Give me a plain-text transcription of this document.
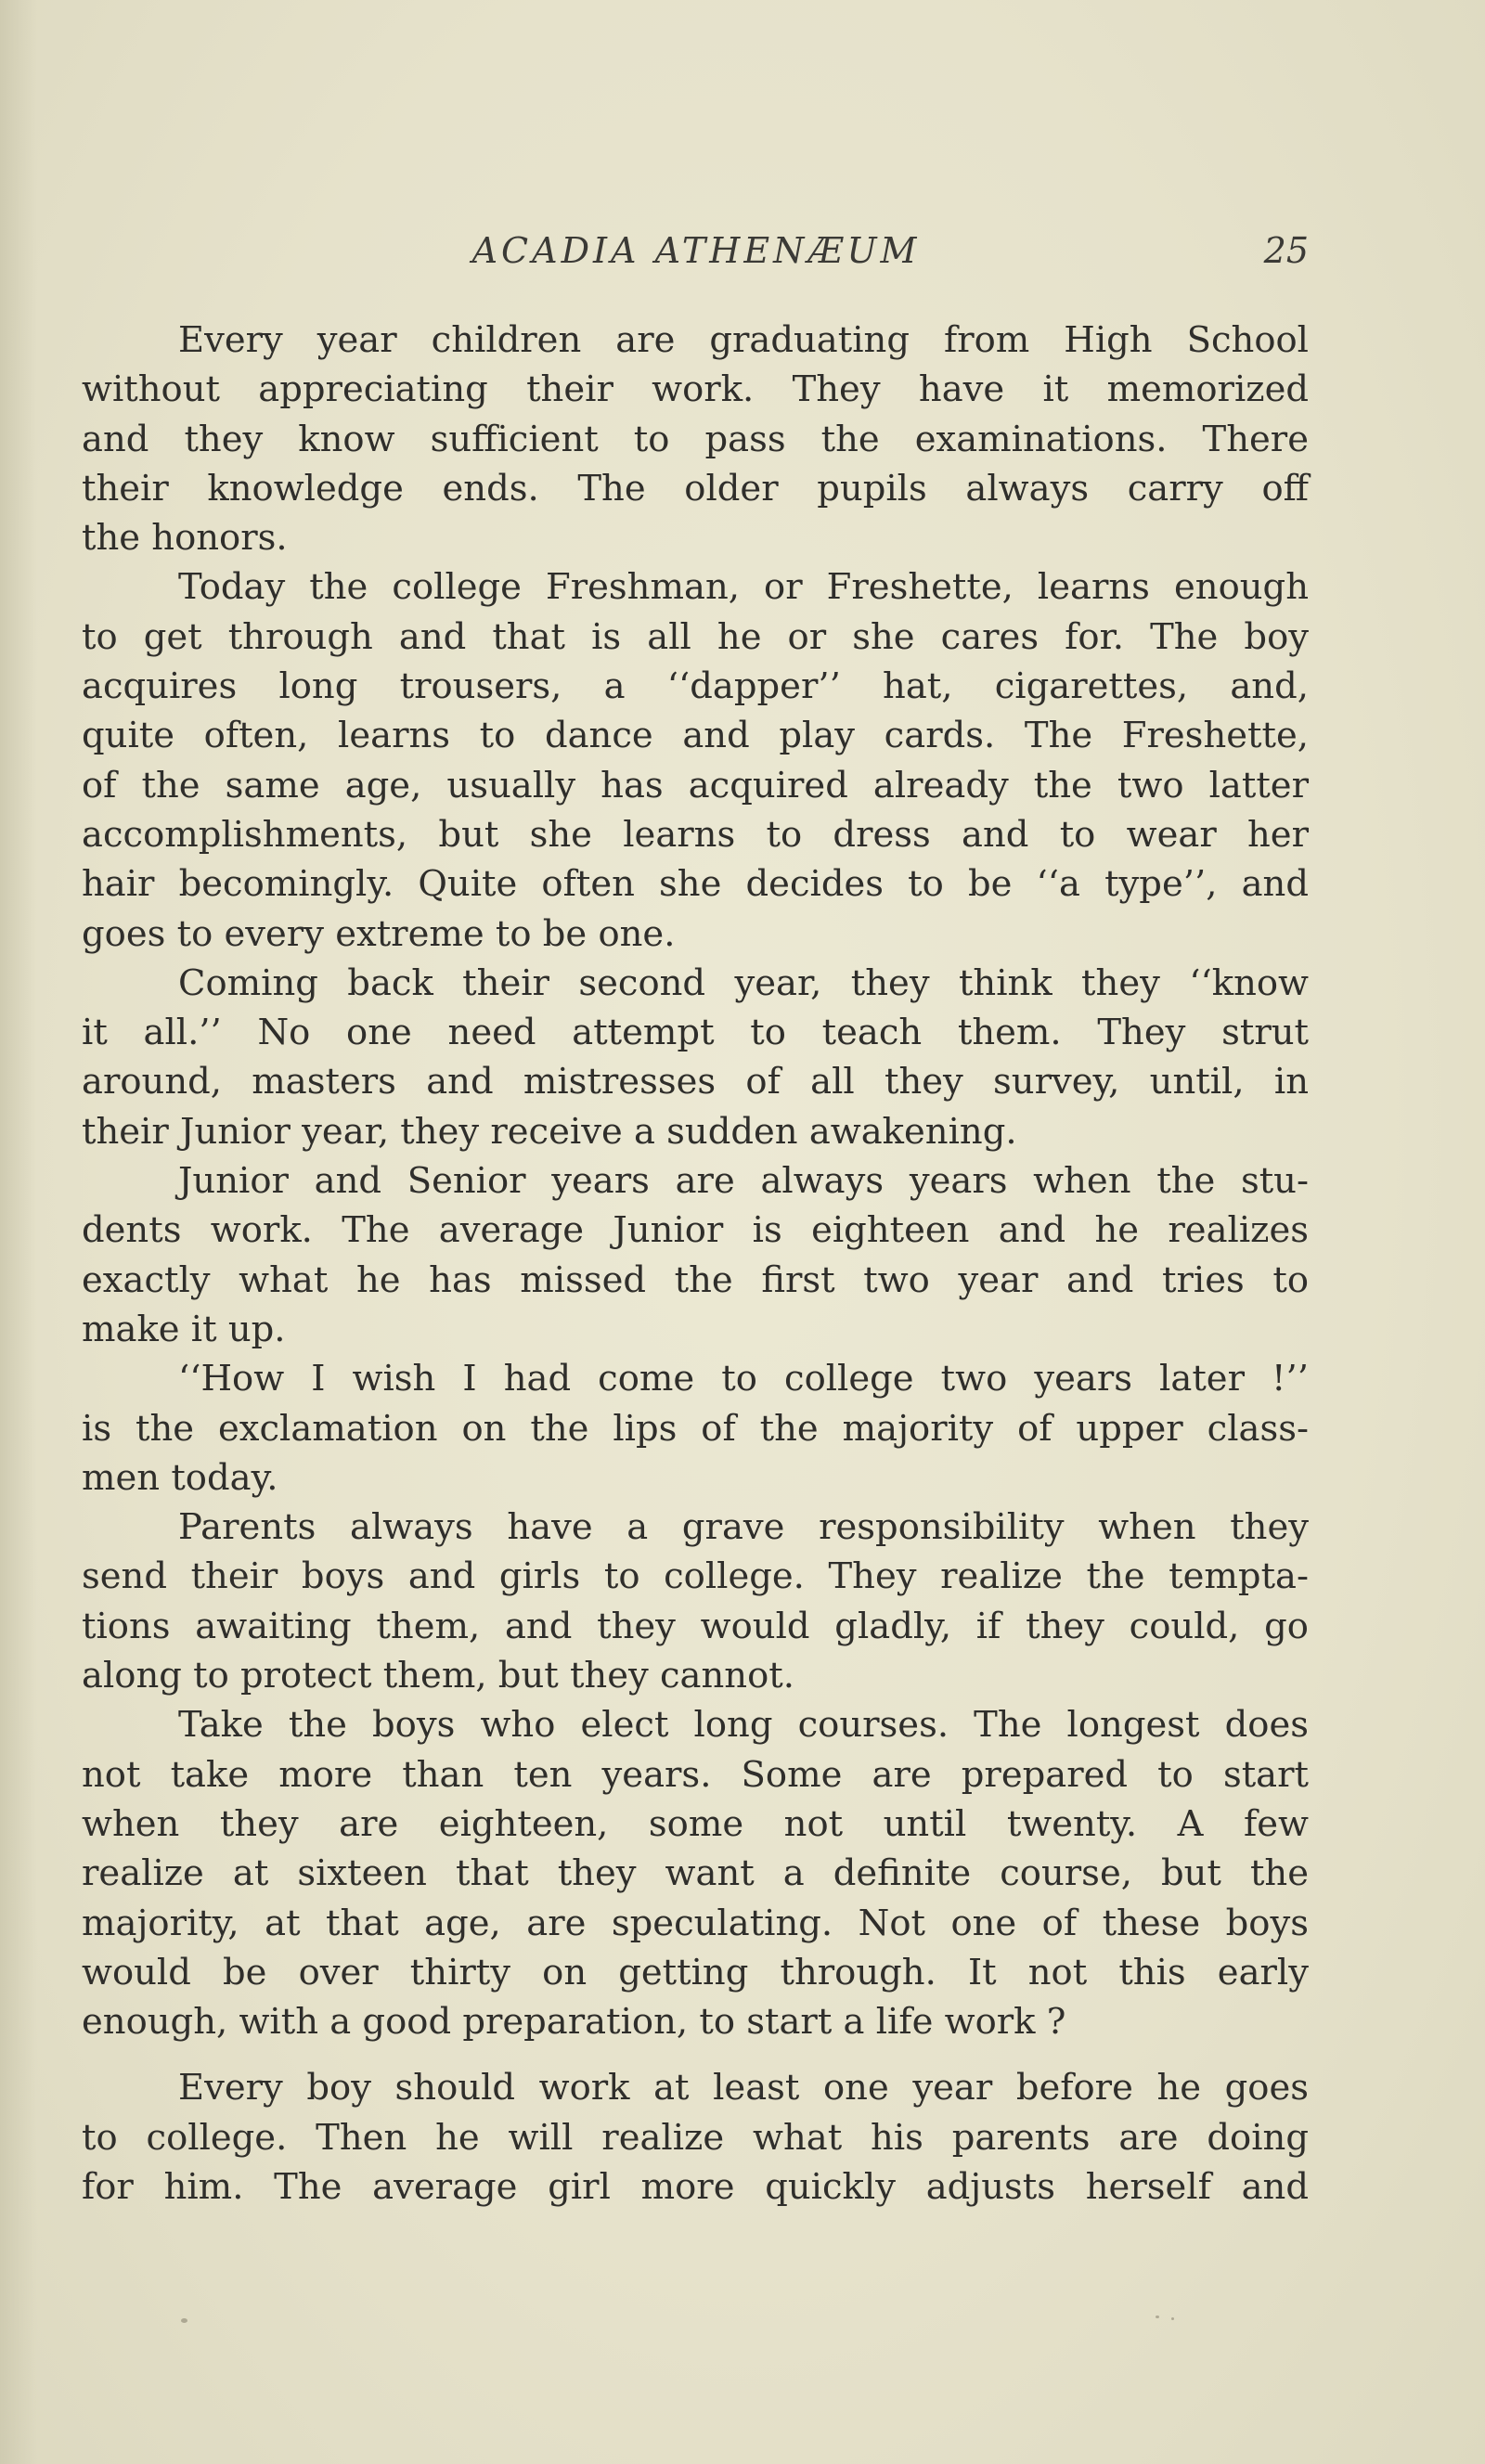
ACADIA ATHENÆUM	25
Every year children are graduating from High School
without appreciating their work. They have it memorized
and they know sufficient to pass the examinations. There
their knowledge ends. The older pupils always carry off
the honors.
Today the college Freshman, or Freshette, learns enough
to get through and that is all he or she cares for. The boy
acquires long trousers, a ‘‘dapper’’ hat, cigarettes, and,
quite often, learns to dance and play cards. The Freshette,
of the same age, usually has acquired already the two latter
accomplishments, but she learns to dress and to wear her
hair becomingly. Quite often she decides to be ‘‘a type’’, and
goes to every extreme to be one.
Coming back their second year, they think they ‘‘know
it all.’’ No one need attempt to teach them. They strut
around, masters and mistresses of all they survey, until, in
their Junior year, they receive a sudden awakening.
Junior and Senior years are always years when the stu-
dents work. The average Junior is eighteen and he realizes
exactly what he has missed the first two year and tries to
make it up.
‘‘How I wish I had come to college two years later !’’
is the exclamation on the lips of the majority of upper class-
men today.
Parents always have a grave responsibility when they
send their boys and girls to college. They realize the tempta-
tions awaiting them, and they would gladly, if they could, go
along to protect them, but they cannot.
Take the boys who elect long courses. The longest does
not take more than ten years. Some are prepared to start
when they are eighteen, some not until twenty. A few
realize at sixteen that they want a definite course, but the
majority, at that age, are speculating. Not one of these boys
would be over thirty on getting through. It not this early
enough, with a good preparation, to start a life work ?
Every boy should work at least one year before he goes
to college. Then he will realize what his parents are doing
for him. The average girl more quickly adjusts herself and
